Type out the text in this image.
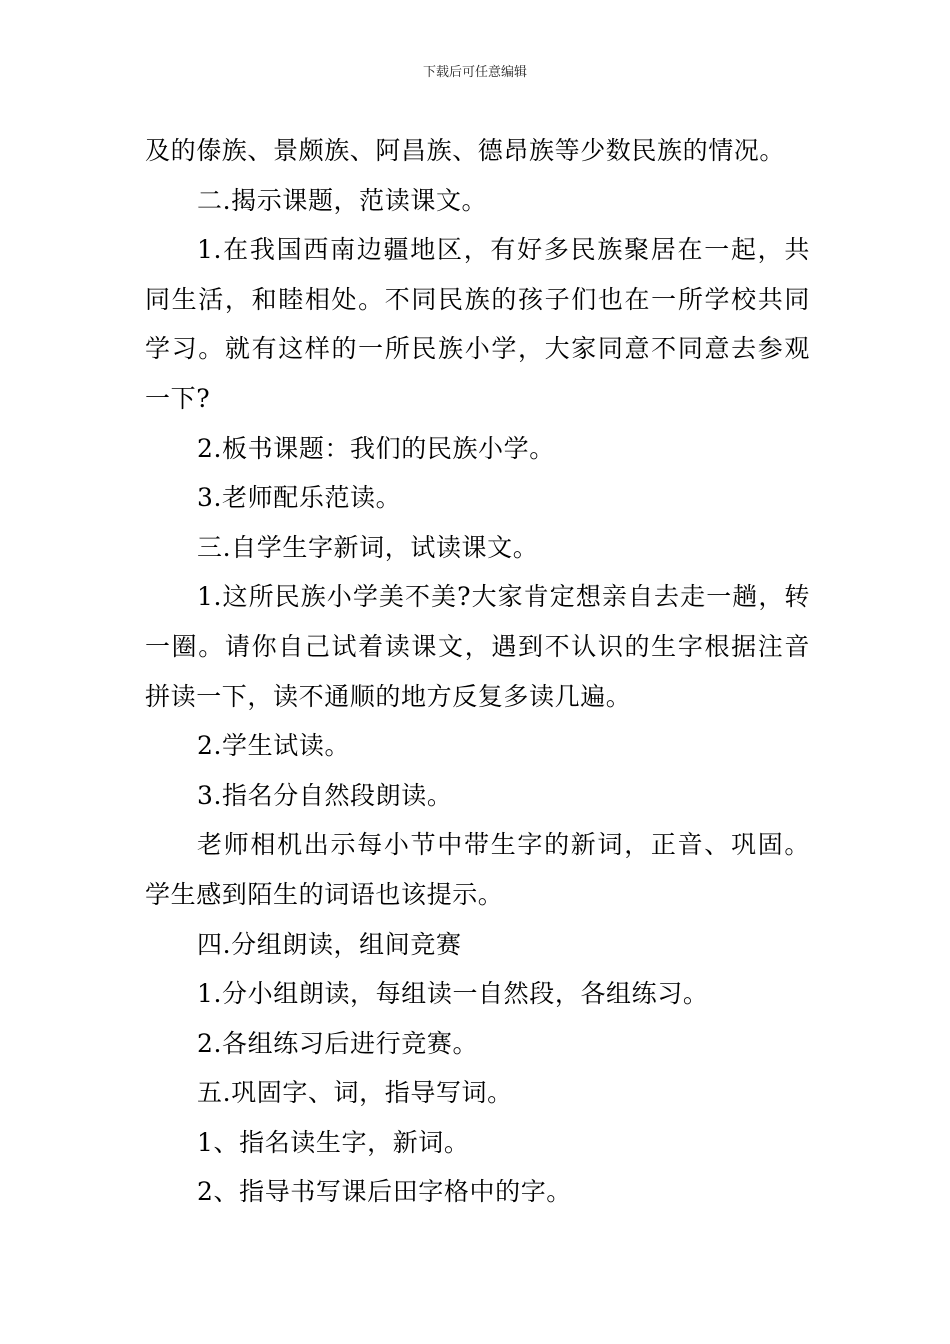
下载后可任意编辑

及的傣族、景颇族、阿昌族、德昂族等少数民族的情况。

二.揭示课题，范读课文。

1.在我国西南边疆地区，有好多民族聚居在一起，共同生活，和睦相处。不同民族的孩子们也在一所学校共同学习。就有这样的一所民族小学，大家同意不同意去参观一下?

2.板书课题：我们的民族小学。

3.老师配乐范读。

三.自学生字新词，试读课文。

1.这所民族小学美不美?大家肯定想亲自去走一趟，转一圈。请你自己试着读课文，遇到不认识的生字根据注音拼读一下，读不通顺的地方反复多读几遍。

2.学生试读。

3.指名分自然段朗读。

老师相机出示每小节中带生字的新词，正音、巩固。学生感到陌生的词语也该提示。

四.分组朗读，组间竞赛

1.分小组朗读，每组读一自然段，各组练习。

2.各组练习后进行竞赛。

五.巩固字、词，指导写词。

1、指名读生字，新词。

2、指导书写课后田字格中的字。
